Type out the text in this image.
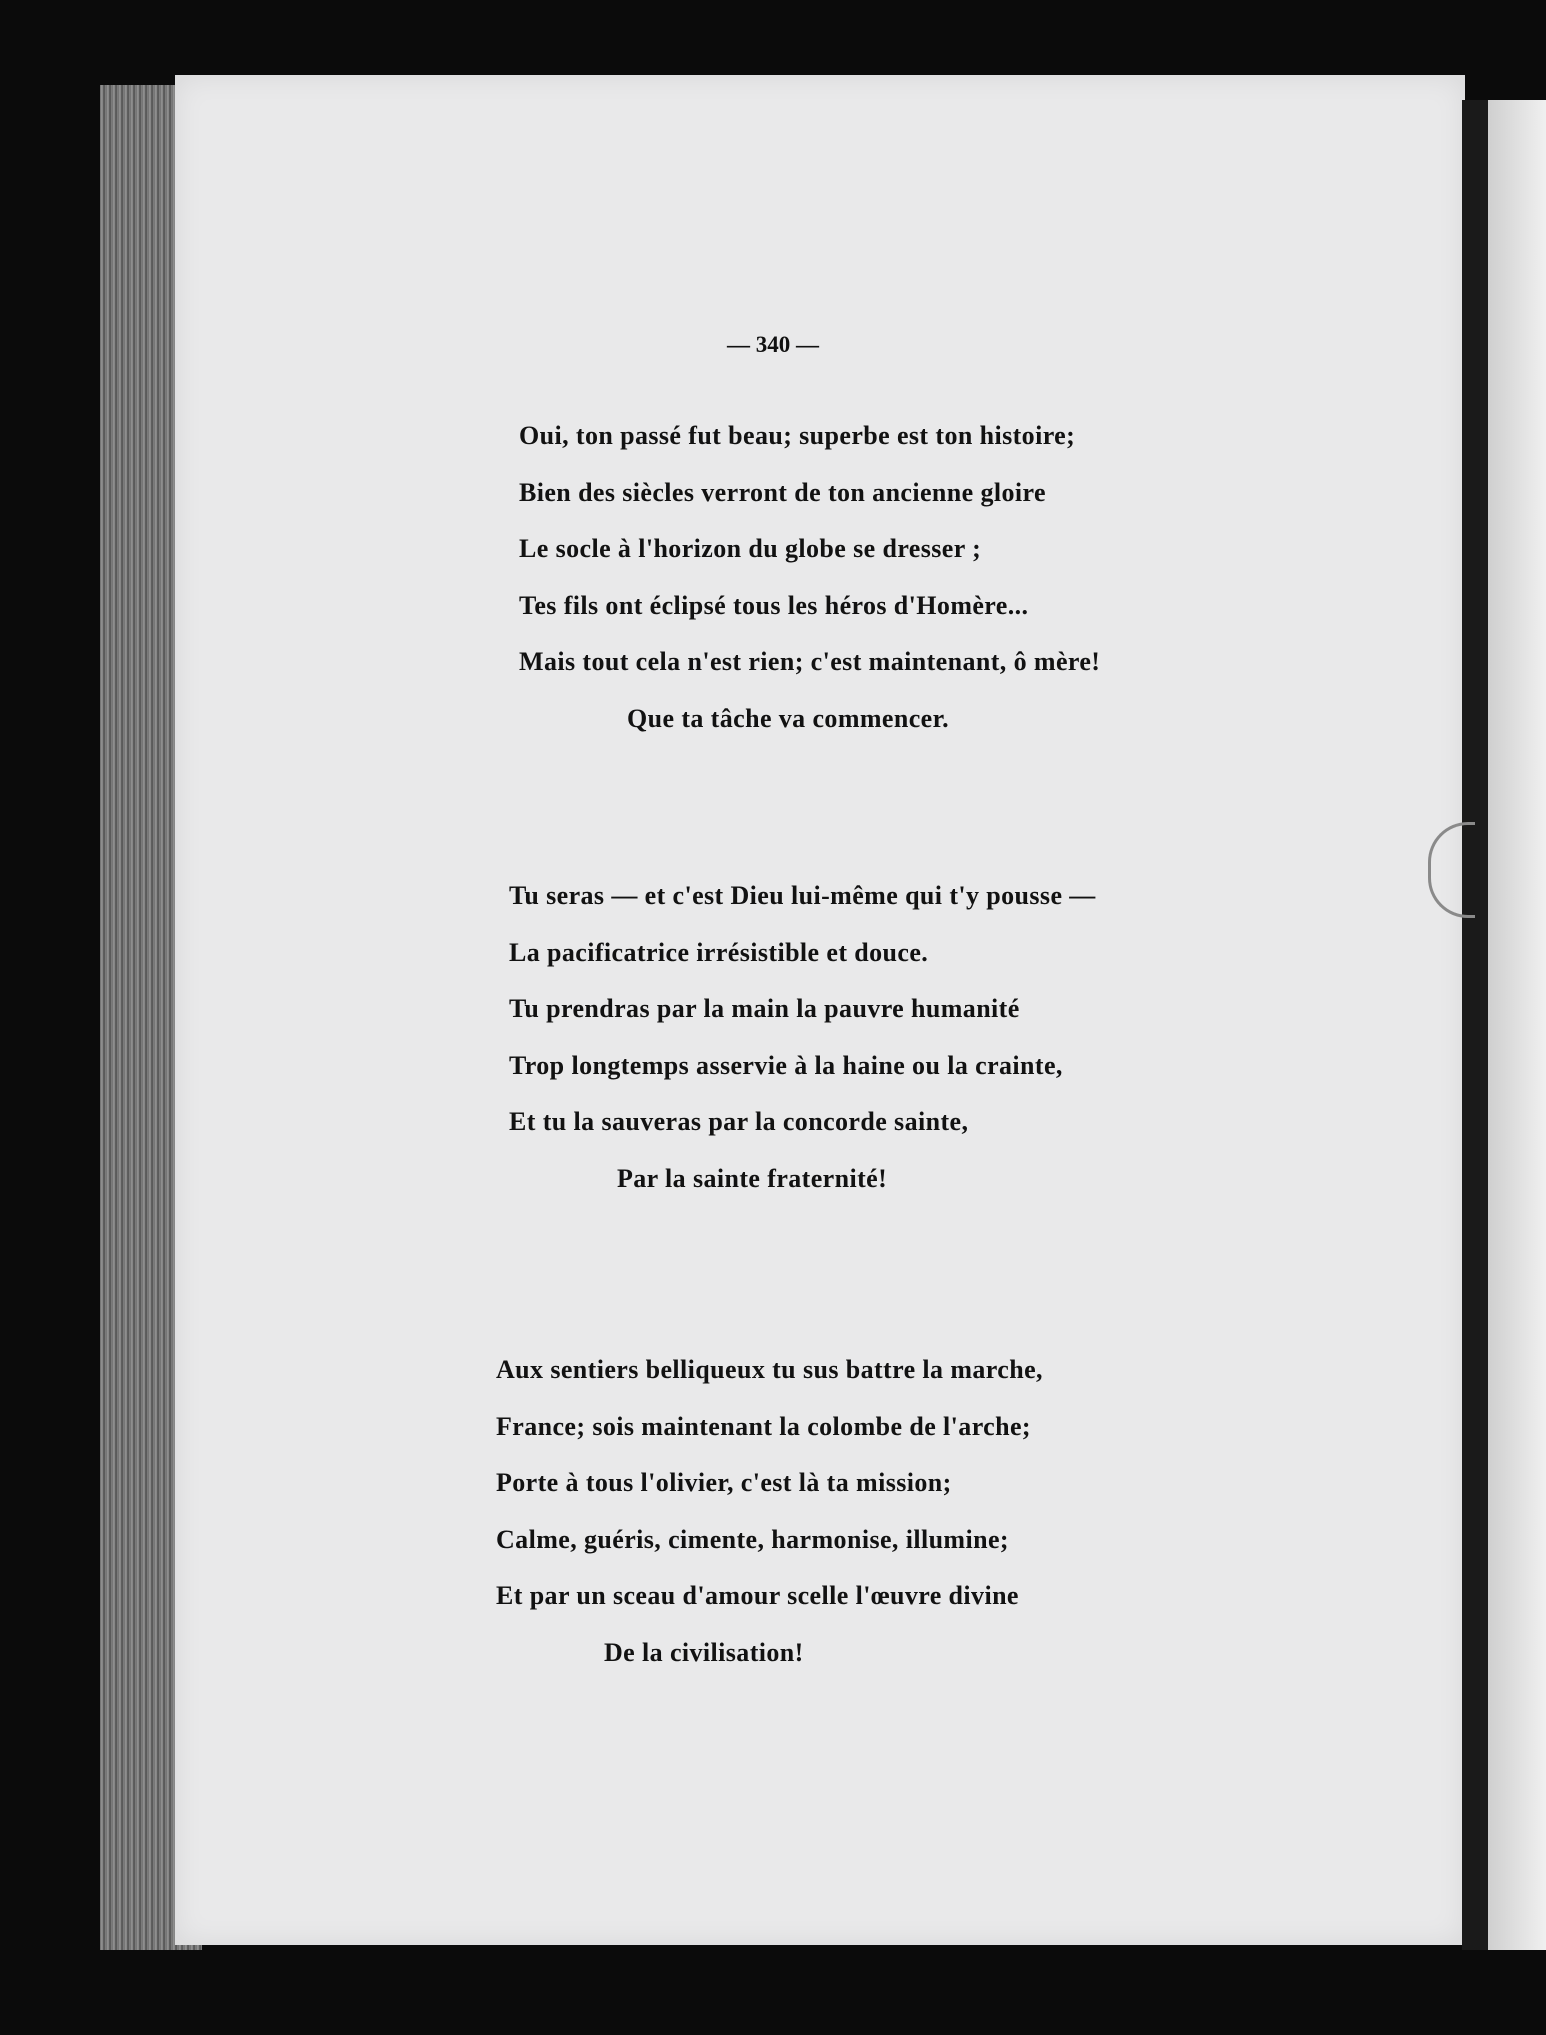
— 340 —
Oui, ton passé fut beau; superbe est ton histoire;
Bien des siècles verront de ton ancienne gloire
Le socle à l'horizon du globe se dresser ;
Tes fils ont éclipsé tous les héros d'Homère...
Mais tout cela n'est rien; c'est maintenant, ô mère!
Que ta tâche va commencer.
Tu seras — et c'est Dieu lui-même qui t'y pousse —
La pacificatrice irrésistible et douce.
Tu prendras par la main la pauvre humanité
Trop longtemps asservie à la haine ou la crainte,
Et tu la sauveras par la concorde sainte,
Par la sainte fraternité!
Aux sentiers belliqueux tu sus battre la marche,
France; sois maintenant la colombe de l'arche;
Porte à tous l'olivier, c'est là ta mission;
Calme, guéris, cimente, harmonise, illumine;
Et par un sceau d'amour scelle l'œuvre divine
De la civilisation!
